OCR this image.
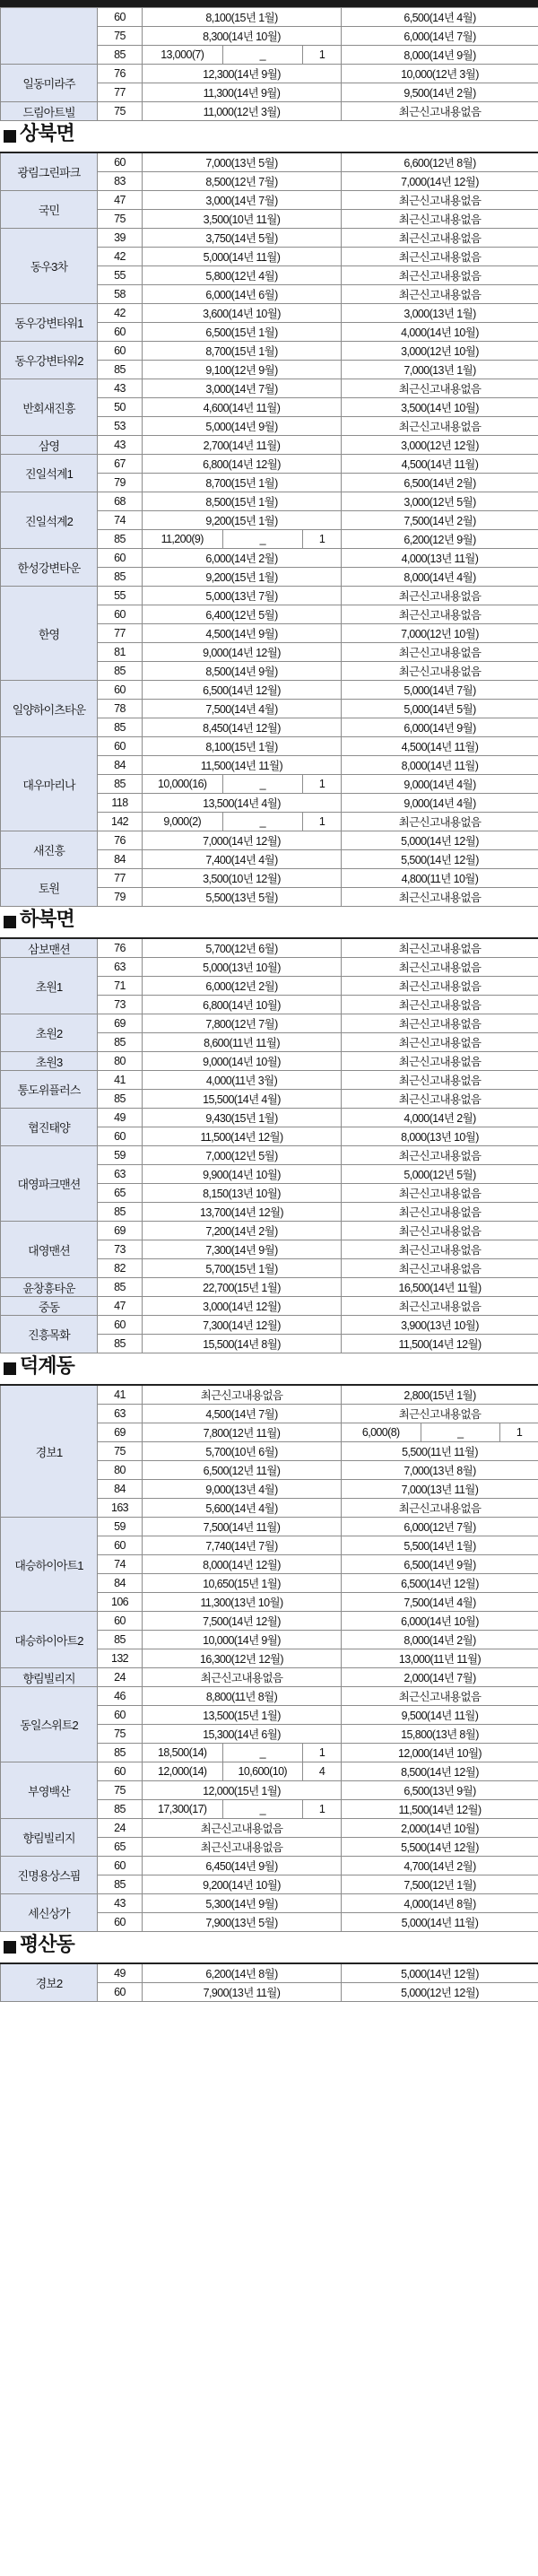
	60	8,100(15년 1월)	6,500(14년 4월)
	75	8,300(14년 10월)	6,000(14년 7월)
	85	13,000(7) _ 1	8,000(14년 9월)
일동미라주	76	12,300(14년 9월)	10,000(12년 3월)
	77	11,300(14년 9월)	9,500(14년 2월)
드림아트빌	75	11,000(12년 3월)	최근신고내용없음
상북면
광림그린파크	60	7,000(13년 5월)	6,600(12년 8월)
	83	8,500(12년 7월)	7,000(14년 12월)
국민	47	3,000(14년 7월)	최근신고내용없음
	75	3,500(10년 11월)	최근신고내용없음
동우3차	39	3,750(14년 5월)	최근신고내용없음
	42	5,000(14년 11월)	최근신고내용없음
	55	5,800(12년 4월)	최근신고내용없음
	58	6,000(14년 6월)	최근신고내용없음
동우강변타워1	42	3,600(14년 10월)	3,000(13년 1월)
	60	6,500(15년 1월)	4,000(14년 10월)
동우강변타워2	60	8,700(15년 1월)	3,000(12년 10월)
	85	9,100(12년 9월)	7,000(13년 1월)
반회새진흥	43	3,000(14년 7월)	최근신고내용없음
	50	4,600(14년 11월)	3,500(14년 10월)
	53	5,000(14년 9월)	최근신고내용없음
삼영	43	2,700(14년 11월)	3,000(12년 12월)
진일석계1	67	6,800(14년 12월)	4,500(14년 11월)
	79	8,700(15년 1월)	6,500(14년 2월)
진일석계2	68	8,500(15년 1월)	3,000(12년 5월)
	74	9,200(15년 1월)	7,500(14년 2월)
	85	11,200(9) _ 1	6,200(12년 9월)
한성강변타운	60	6,000(14년 2월)	4,000(13년 11월)
	85	9,200(15년 1월)	8,000(14년 4월)
한영	55	5,000(13년 7월)	최근신고내용없음
	60	6,400(12년 5월)	최근신고내용없음
	77	4,500(14년 9월)	7,000(12년 10월)
	81	9,000(14년 12월)	최근신고내용없음
	85	8,500(14년 9월)	최근신고내용없음
일양하이츠타운	60	6,500(14년 12월)	5,000(14년 7월)
	78	7,500(14년 4월)	5,000(14년 5월)
	85	8,450(14년 12월)	6,000(14년 9월)
대우마리나	60	8,100(15년 1월)	4,500(14년 11월)
	84	11,500(14년 11월)	8,000(14년 11월)
	85	10,000(16) _ 1	9,000(14년 4월)
	118	13,500(14년 4월)	9,000(14년 4월)
	142	9,000(2) _ 1	최근신고내용없음
새진흥	76	7,000(14년 12월)	5,000(14년 12월)
	84	7,400(14년 4월)	5,500(14년 12월)
토원	77	3,500(10년 12월)	4,800(11년 10월)
	79	5,500(13년 5월)	최근신고내용없음
하북면
삼보맨션	76	5,700(12년 6월)	최근신고내용없음
초원1	63	5,000(13년 10월)	최근신고내용없음
	71	6,000(12년 2월)	최근신고내용없음
	73	6,800(14년 10월)	최근신고내용없음
초원2	69	7,800(12년 7월)	최근신고내용없음
	85	8,600(11년 11월)	최근신고내용없음
초원3	80	9,000(14년 10월)	최근신고내용없음
통도위플러스	41	4,000(11년 3월)	최근신고내용없음
	85	15,500(14년 4월)	최근신고내용없음
협진태양	49	9,430(15년 1월)	4,000(14년 2월)
	60	11,500(14년 12월)	8,000(13년 10월)
대영파크맨션	59	7,000(12년 5월)	최근신고내용없음
	63	9,900(14년 10월)	5,000(12년 5월)
	65	8,150(13년 10월)	최근신고내용없음
	85	13,700(14년 12월)	최근신고내용없음
대영맨션	69	7,200(14년 2월)	최근신고내용없음
	73	7,300(14년 9월)	최근신고내용없음
	82	5,700(15년 1월)	최근신고내용없음
윤창흥타운	85	22,700(15년 1월)	16,500(14년 11월)
중동	47	3,000(14년 12월)	최근신고내용없음
진흥목화	60	7,300(14년 12월)	3,900(13년 10월)
	85	15,500(14년 8월)	11,500(14년 12월)
덕계동
경보1	41	최근신고내용없음	2,800(15년 1월)
	63	4,500(14년 7월)	최근신고내용없음
	69	7,800(12년 11월)	6,000(8) _ 1

	75	5,700(10년 6월)	5,500(11년 11월)
	80	6,500(12년 11월)	7,000(13년 8월)
	84	9,000(13년 4월)	7,000(13년 11월)
	163	5,600(14년 4월)	최근신고내용없음
대승하이아트1	59	7,500(14년 11월)	6,000(12년 7월)
	60	7,740(14년 7월)	5,500(14년 1월)
	74	8,000(14년 12월)	6,500(14년 9월)
	84	10,650(15년 1월)	6,500(14년 12월)
	106	11,300(13년 10월)	7,500(14년 4월)
대승하이아트2	60	7,500(14년 12월)	6,000(14년 10월)
	85	10,000(14년 9월)	8,000(14년 2월)
	132	16,300(12년 12월)	13,000(11년 11월)
향림빌리지	24	최근신고내용없음	2,000(14년 7월)
동일스위트2	46	8,800(11년 8월)	최근신고내용없음
	60	13,500(15년 1월)	9,500(14년 11월)
	75	15,300(14년 6월)	15,800(13년 8월)
	85	18,500(14) _ 1	12,000(14년 10월)
부영백산	60	12,000(14) 10,600(10) 4	8,500(14년 12월)
	75	12,000(15년 1월)	6,500(13년 9월)
	85	17,300(17) _ 1	11,500(14년 12월)
향림빌리지	24	최근신고내용없음	2,000(14년 10월)
	65	최근신고내용없음	5,500(14년 12월)
진명용상스핌	60	6,450(14년 9월)	4,700(14년 2월)
	85	9,200(14년 10월)	7,500(12년 1월)
세신상가	43	5,300(14년 9월)	4,000(14년 8월)
	60	7,900(13년 5월)	5,000(14년 11월)
평산동
경보2	49	6,200(14년 8월)	5,000(14년 12월)
	60	7,900(13년 11월)	5,000(12년 12월)
